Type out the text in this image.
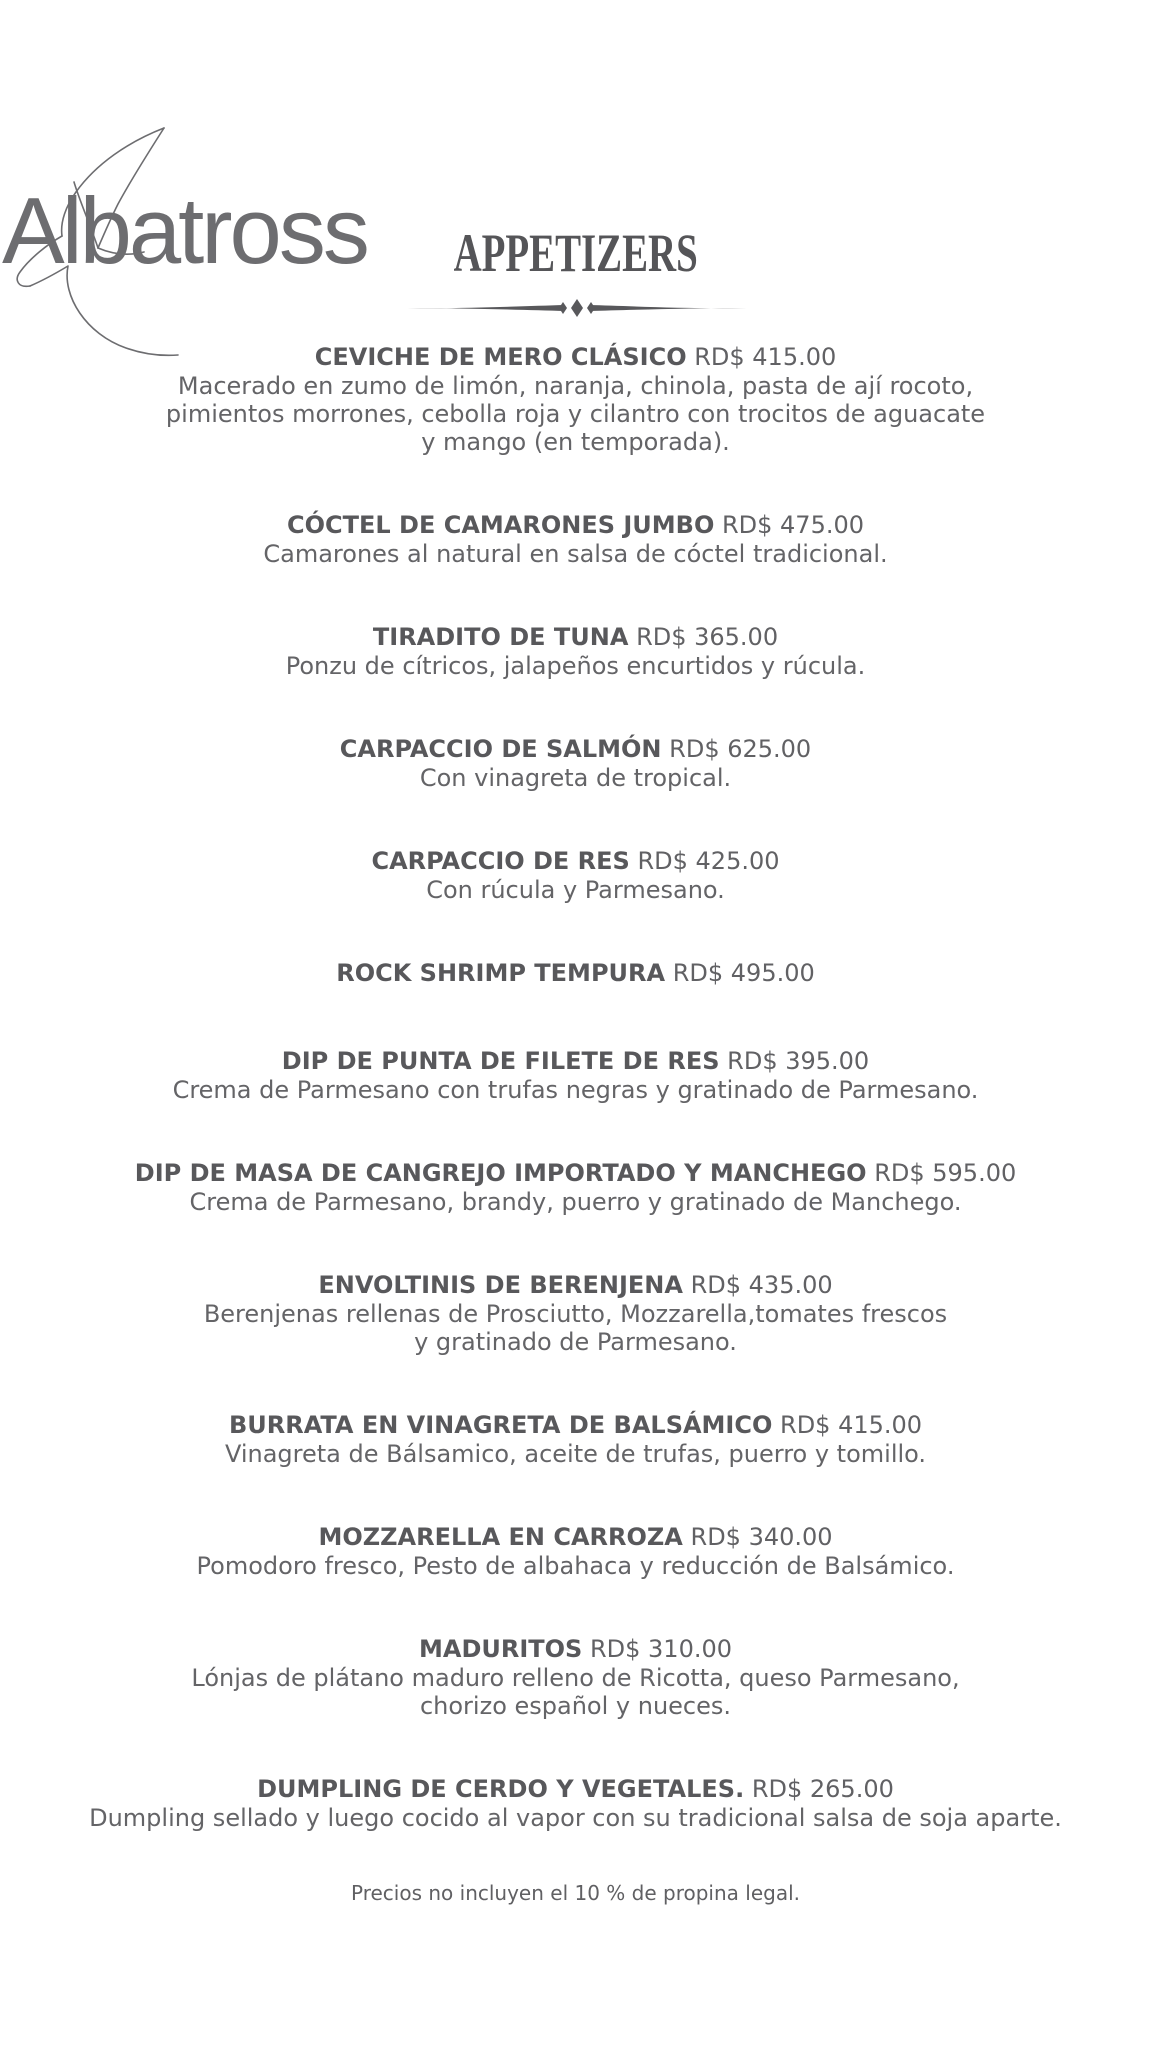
Albatross	APPETIZERS
CEVICHE DE MERO CLÁSICO RD$ 415.00

Macerado en zumo de limón, naranja, chinola, pasta de ají rocoto,
pimientos morrones, cebolla roja y cilantro con trocitos de aguacate
y mango (en temporada).

CÓCTEL DE CAMARONES JUMBO RD$ 475.00

Camarones al natural en salsa de cóctel tradicional.

TIRADITO DE TUNA RD$ 365.00

Ponzu de cítricos, jalapeños encurtidos y rúcula.

CARPACCIO DE SALMÓN RD$ 625.00

Con vinagreta de tropical.

CARPACCIO DE RES RD$ 425.00

Con rúcula y Parmesano.

ROCK SHRIMP TEMPURA RD$ 495.00
DIP DE PUNTA DE FILETE DE RES RD$ 395.00

Crema de Parmesano con trufas negras y gratinado de Parmesano.

DIP DE MASA DE CANGREJO IMPORTADO Y MANCHEGO RD$ 595.00

Crema de Parmesano, brandy, puerro y gratinado de Manchego.

ENVOLTINIS DE BERENJENA RD$ 435.00

Berenjenas rellenas de Prosciutto, Mozzarella,tomates frescos
y gratinado de Parmesano.

BURRATA EN VINAGRETA DE BALSÁMICO RD$ 415.00

Vinagreta de Bálsamico, aceite de trufas, puerro y tomillo.

MOZZARELLA EN CARROZA RD$ 340.00

Pomodoro fresco, Pesto de albahaca y reducción de Balsámico.

MADURITOS RD$ 310.00

Lónjas de plátano maduro relleno de Ricotta, queso Parmesano,
chorizo español y nueces.

DUMPLING DE CERDO Y VEGETALES. RD$ 265.00

Dumpling sellado y luego cocido al vapor con su tradicional salsa de soja aparte.

Precios no incluyen el 10 % de propina legal.
